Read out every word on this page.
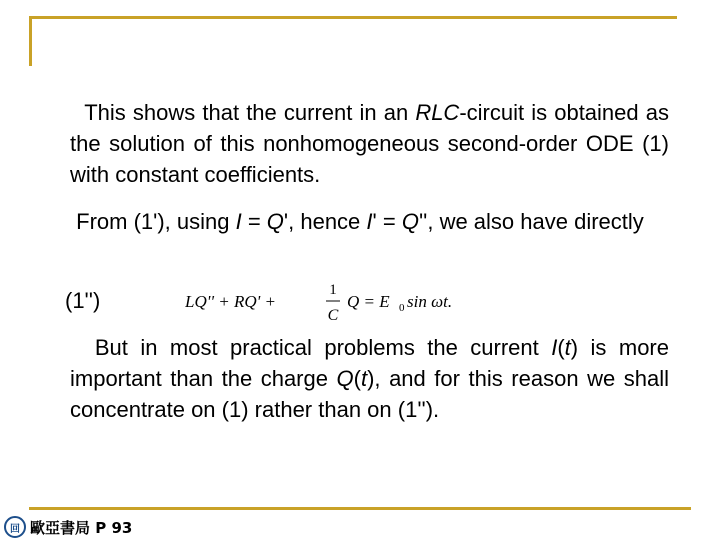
This shows that the current in an RLC-circuit is obtained as the solution of this nonhomogeneous second-order ODE (1) with constant coefficients.

From (1'), using I = Q', hence I' = Q'', we also have directly

(1'')	LQ'' + RQ' +
1
C
Q = E 0 sin ωt.

But in most practical problems the current I(t) is more important than the charge Q(t), and for this reason we shall concentrate on (1) rather than on (1'').

回 歐亞書局 P 93
